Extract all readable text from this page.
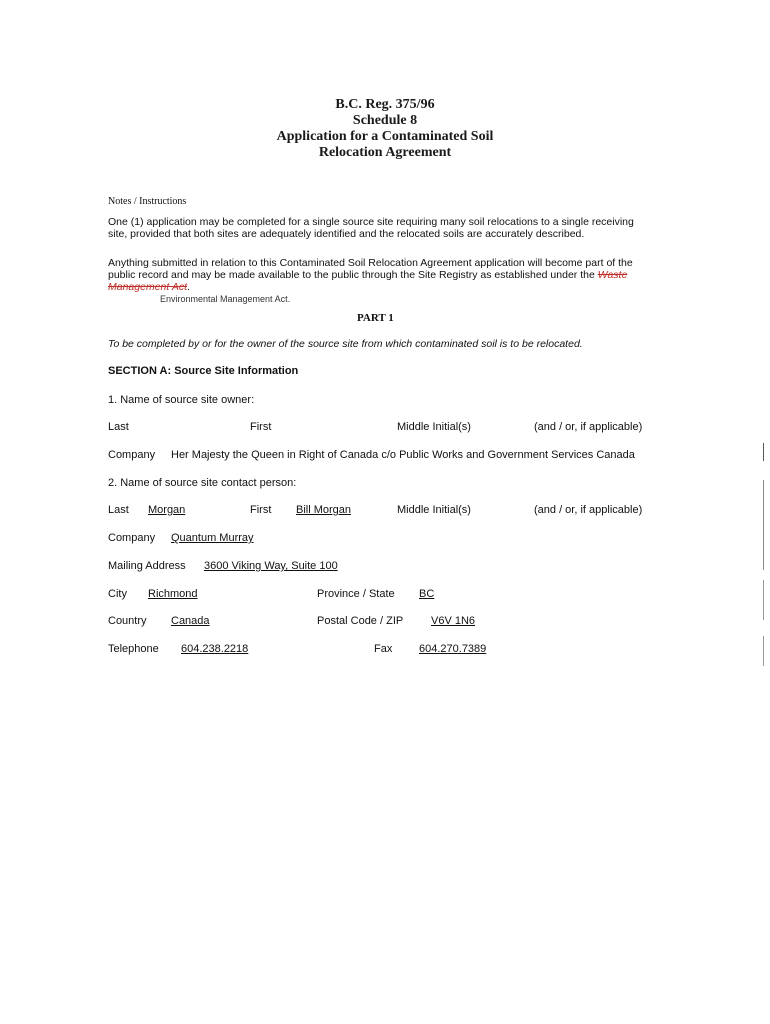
B.C. Reg. 375/96
Schedule 8
Application for a Contaminated Soil
Relocation Agreement
Notes / Instructions
One (1) application may be completed for a single source site requiring many soil relocations to a single receiving site, provided that both sites are adequately identified and the relocated soils are accurately described.
Anything submitted in relation to this Contaminated Soil Relocation Agreement application will become part of the public record and may be made available to the public through the Site Registry as established under the Waste Management Act.
Environmental Management Act.
PART 1
To be completed by or for the owner of the source site from which contaminated soil is to be relocated.
SECTION A: Source Site Information
1. Name of source site owner:
Last	First	Middle Initial(s)	(and / or, if applicable)
Company Her Majesty the Queen in Right of Canada c/o Public Works and Government Services Canada
2. Name of source site contact person:
Last Morgan	First Bill Morgan	Middle Initial(s)	(and / or, if applicable)
Company Quantum Murray
Mailing Address 3600 Viking Way, Suite 100
City Richmond	Province / State BC
Country Canada	Postal Code / ZIP	V6V 1N6
Telephone 604.238.2218	Fax 604.270.7389
